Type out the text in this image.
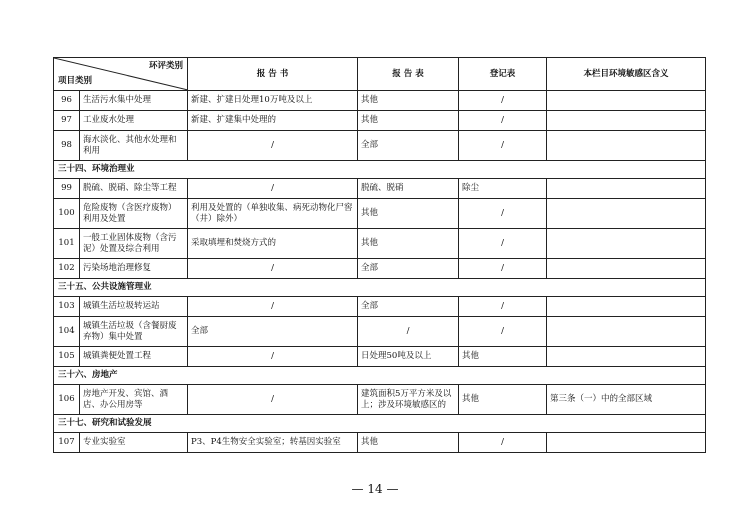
环评类别
项目类别		报 告 书	报 告 表	登记表	本栏目环境敏感区含义
96	生活污水集中处理	新建、扩建日处理10万吨及以上	其他	/	
97	工业废水处理	新建、扩建集中处理的	其他	/	
98	海水淡化、其他水处理和利用	/	全部	/	
三十四、环境治理业					
99	脱硫、脱硝、除尘等工程	/	脱硫、脱硝	除尘	
100	危险废物（含医疗废物）利用及处置	利用及处置的（单独收集、病死动物化尸窖（井）除外）	其他	/	
101	一般工业固体废物（含污泥）处置及综合利用	采取填埋和焚烧方式的	其他	/	
102	污染场地治理修复	/	全部	/	
三十五、公共设施管理业					
103	城镇生活垃圾转运站	/	全部	/	
104	城镇生活垃圾（含餐厨废弃物）集中处置	全部	/	/	
105	城镇粪便处置工程	/	日处理50吨及以上	其他	
三十六、房地产					
106	房地产开发、宾馆、酒店、办公用房等	/	建筑面积5万平方米及以上；涉及环境敏感区的	其他	第三条（一）中的全部区域
三十七、研究和试验发展					
107	专业实验室	P3、P4生物安全实验室；转基因实验室	其他	/	
— 14 —
